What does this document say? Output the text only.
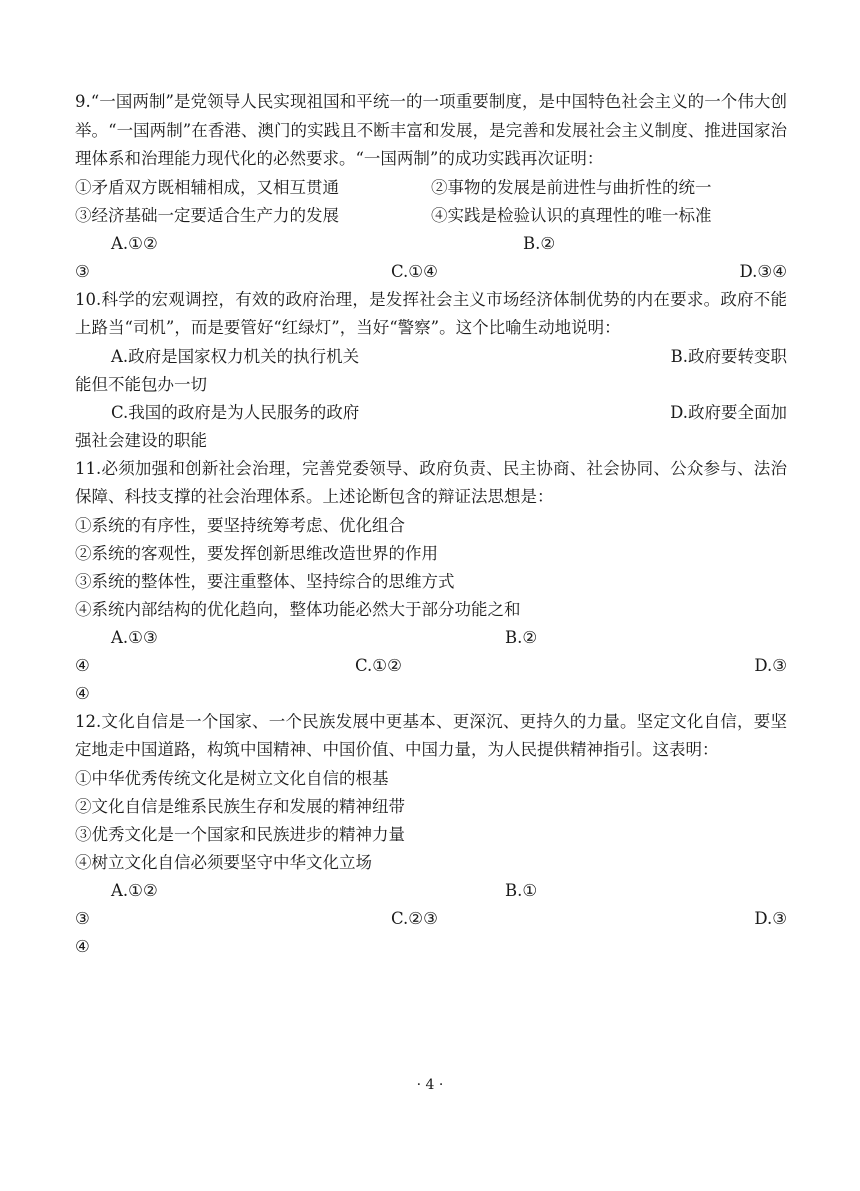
9.“一国两制”是党领导人民实现祖国和平统一的一项重要制度，是中国特色社会主义的一个伟大创举。“一国两制”在香港、澳门的实践且不断丰富和发展，是完善和发展社会主义制度、推进国家治理体系和治理能力现代化的必然要求。“一国两制”的成功实践再次证明：
①矛盾双方既相辅相成，又相互贯通	②事物的发展是前进性与曲折性的统一
③经济基础一定要适合生产力的发展	④实践是检验认识的真理性的唯一标准
A.①②	B.②
③	C.①④	D.③④
10.科学的宏观调控，有效的政府治理，是发挥社会主义市场经济体制优势的内在要求。政府不能上路当“司机”，而是要管好“红绿灯”，当好“警察”。这个比喻生动地说明：
A.政府是国家权力机关的执行机关	B.政府要转变职
能但不能包办一切
C.我国的政府是为人民服务的政府	D.政府要全面加
强社会建设的职能
11.必须加强和创新社会治理，完善党委领导、政府负责、民主协商、社会协同、公众参与、法治保障、科技支撑的社会治理体系。上述论断包含的辩证法思想是：
①系统的有序性，要坚持统筹考虑、优化组合
②系统的客观性，要发挥创新思维改造世界的作用
③系统的整体性，要注重整体、坚持综合的思维方式
④系统内部结构的优化趋向，整体功能必然大于部分功能之和
A.①③	B.②
④	C.①②	D.③
④
12.文化自信是一个国家、一个民族发展中更基本、更深沉、更持久的力量。坚定文化自信，要坚定地走中国道路，构筑中国精神、中国价值、中国力量，为人民提供精神指引。这表明：
①中华优秀传统文化是树立文化自信的根基
②文化自信是维系民族生存和发展的精神纽带
③优秀文化是一个国家和民族进步的精神力量
④树立文化自信必须要坚守中华文化立场
A.①②	B.①
③	C.②③	D.③
④
· 4 ·
